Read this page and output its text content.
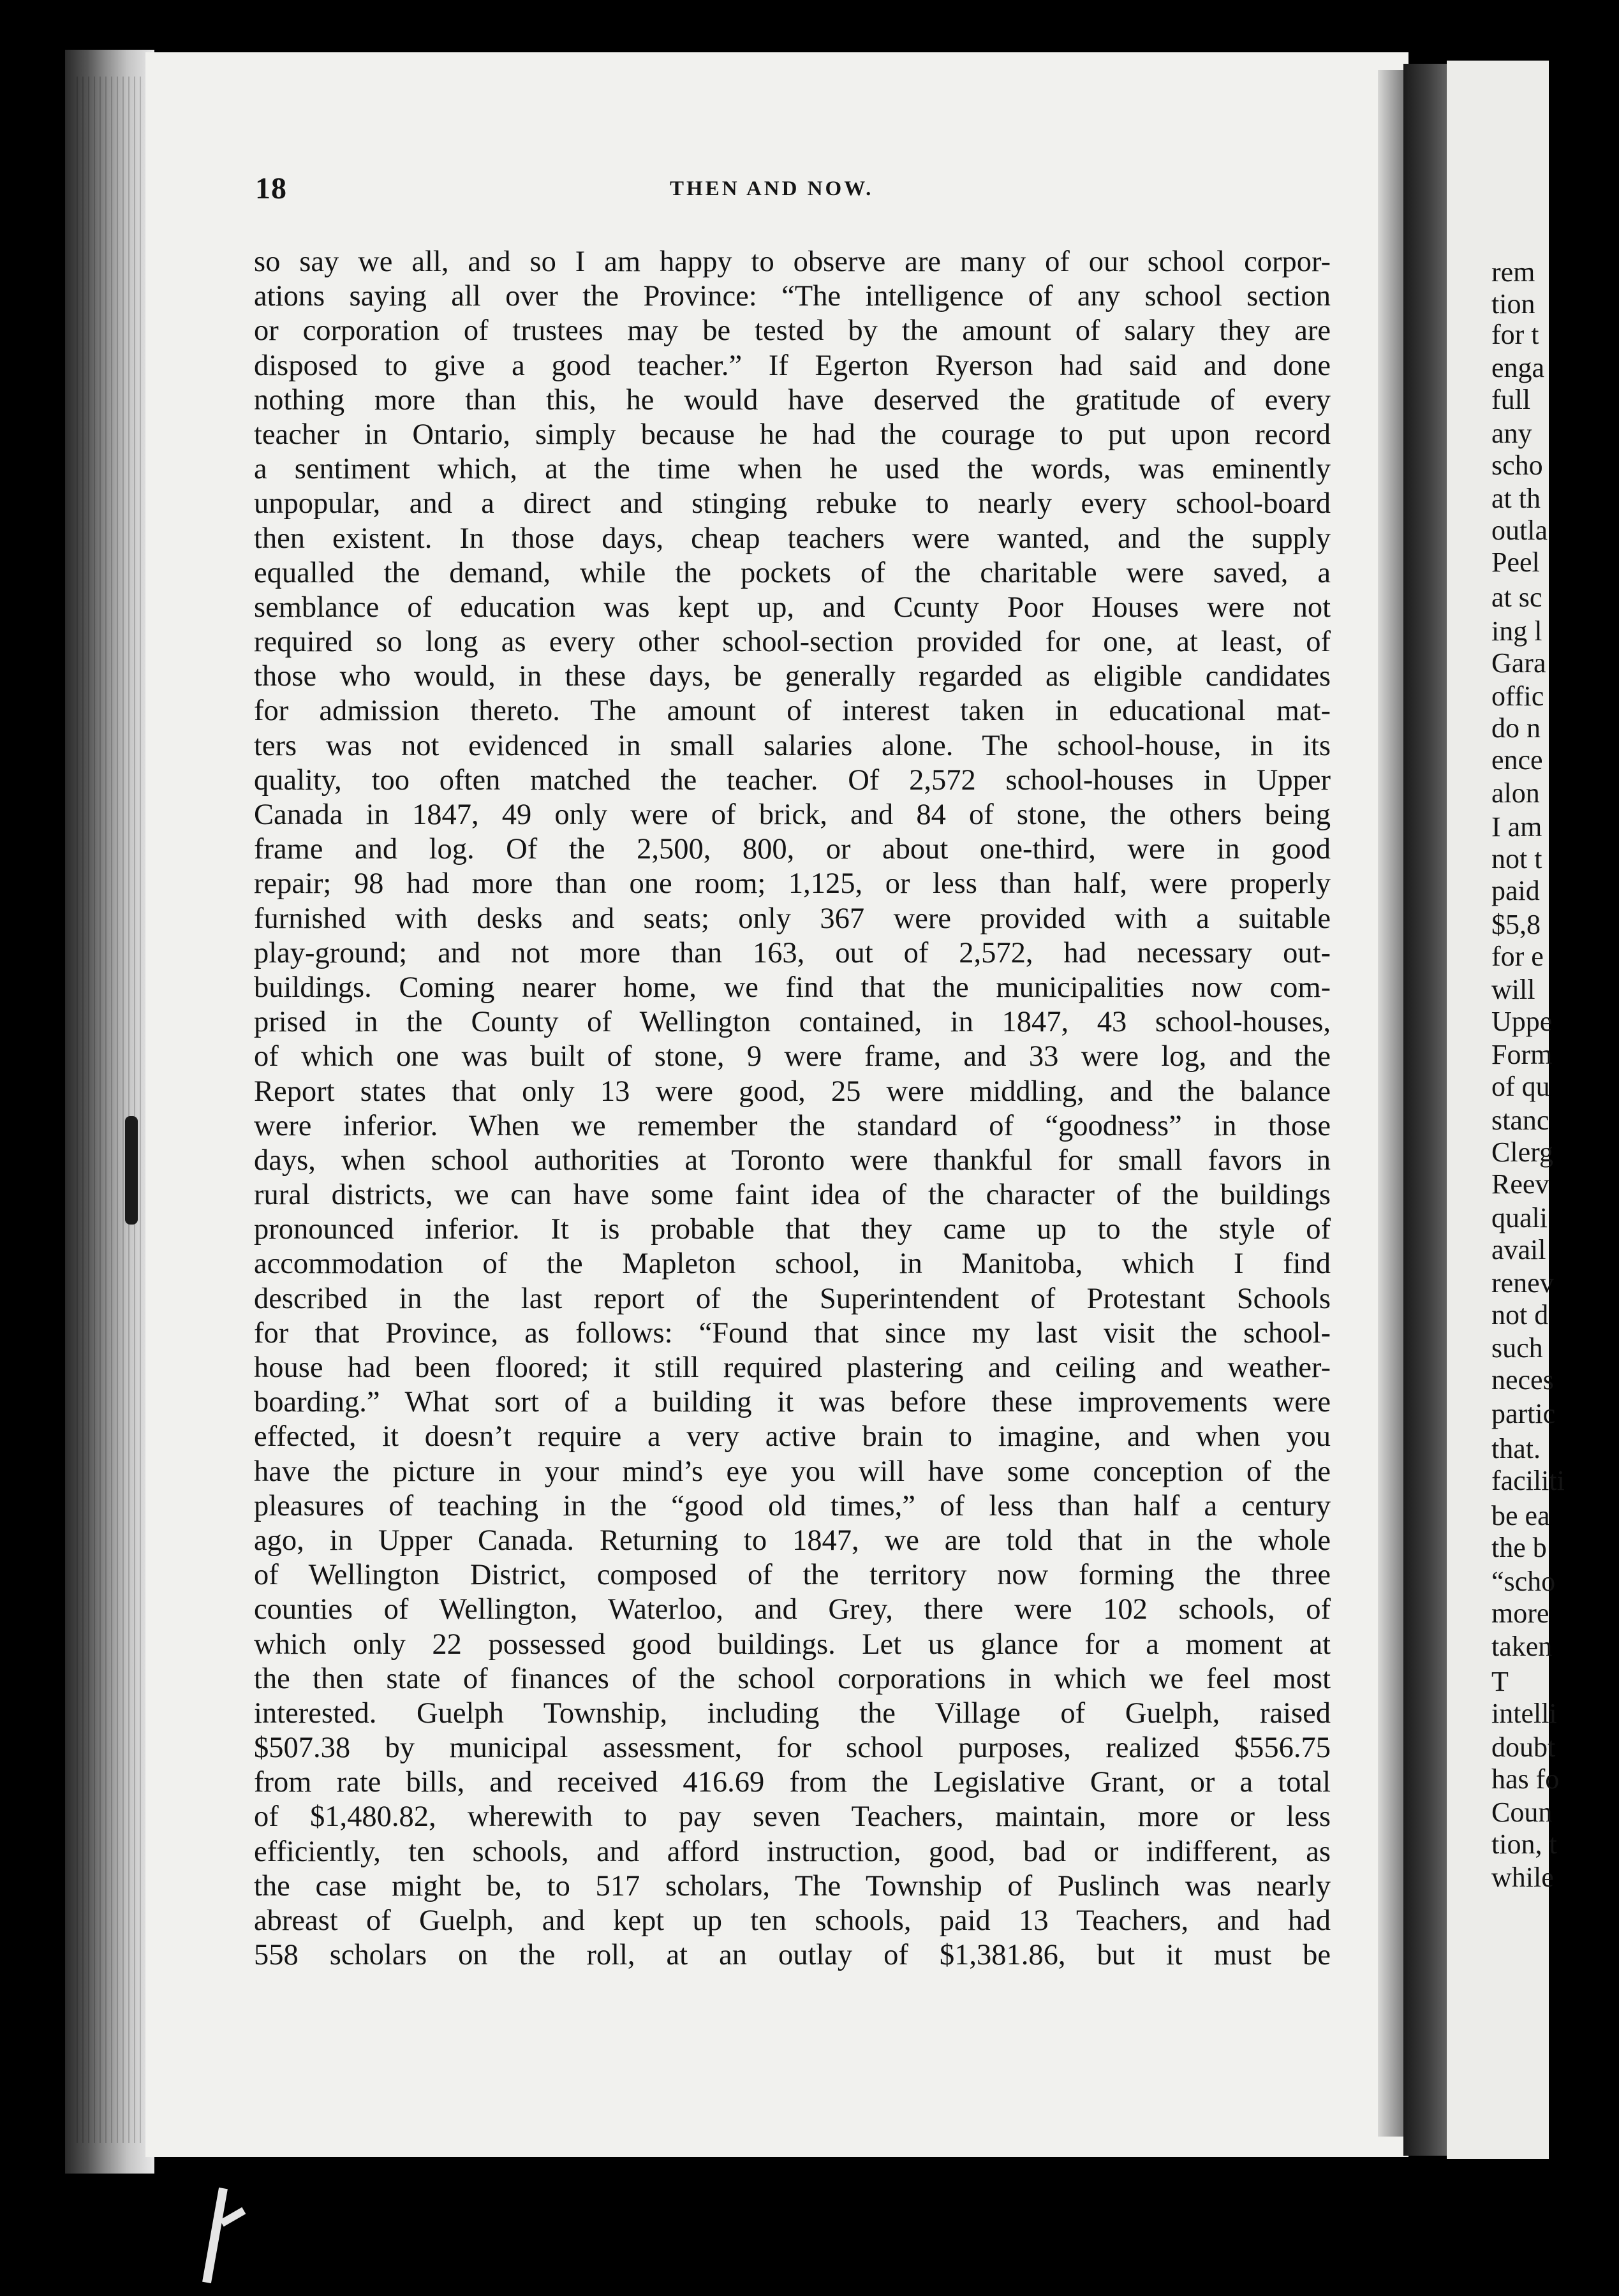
rem
tion
for t
enga
full
any
scho
at th
outla
Peel
at sc
ing l
Gara
offic
do n
ence
alon
I am
not t
paid
$5,8
for e
will
Uppe
Form
of qu
stanc
Clerg
Reev
quali
avail
renev
not d
such
neces
partic
that.
faciliti
be ea
the b
“scho
more
taken
T
intelli
doubt
has fo
Coun
tion, t
while
18	THEN AND NOW.
so say we all, and so I am happy to observe are many of our school corpor-
ations saying all over the Province: “The intelligence of any school section
or corporation of trustees may be tested by the amount of salary they are
disposed to give a good teacher.” If Egerton Ryerson had said and done
nothing more than this, he would have deserved the gratitude of every
teacher in Ontario, simply because he had the courage to put upon record
a sentiment which, at the time when he used the words, was eminently
unpopular, and a direct and stinging rebuke to nearly every school-board
then existent. In those days, cheap teachers were wanted, and the supply
equalled the demand, while the pockets of the charitable were saved, a
semblance of education was kept up, and Ccunty Poor Houses were not
required so long as every other school-section provided for one, at least, of
those who would, in these days, be generally regarded as eligible candidates
for admission thereto. The amount of interest taken in educational mat-
ters was not evidenced in small salaries alone. The school-house, in its
quality, too often matched the teacher. Of 2,572 school-houses in Upper
Canada in 1847, 49 only were of brick, and 84 of stone, the others being
frame and log. Of the 2,500, 800, or about one-third, were in good
repair; 98 had more than one room; 1,125, or less than half, were properly
furnished with desks and seats; only 367 were provided with a suitable
play-ground; and not more than 163, out of 2,572, had necessary out-
buildings. Coming nearer home, we find that the municipalities now com-
prised in the County of Wellington contained, in 1847, 43 school-houses,
of which one was built of stone, 9 were frame, and 33 were log, and the
Report states that only 13 were good, 25 were middling, and the balance
were inferior. When we remember the standard of “goodness” in those
days, when school authorities at Toronto were thankful for small favors in
rural districts, we can have some faint idea of the character of the buildings
pronounced inferior. It is probable that they came up to the style of
accommodation of the Mapleton school, in Manitoba, which I find
described in the last report of the Superintendent of Protestant Schools
for that Province, as follows: “Found that since my last visit the school-
house had been floored; it still required plastering and ceiling and weather-
boarding.” What sort of a building it was before these improvements were
effected, it doesn’t require a very active brain to imagine, and when you
have the picture in your mind’s eye you will have some conception of the
pleasures of teaching in the “good old times,” of less than half a century
ago, in Upper Canada. Returning to 1847, we are told that in the whole
of Wellington District, composed of the territory now forming the three
counties of Wellington, Waterloo, and Grey, there were 102 schools, of
which only 22 possessed good buildings. Let us glance for a moment at
the then state of finances of the school corporations in which we feel most
interested. Guelph Township, including the Village of Guelph, raised
$507.38 by municipal assessment, for school purposes, realized $556.75
from rate bills, and received 416.69 from the Legislative Grant, or a total
of $1,480.82, wherewith to pay seven Teachers, maintain, more or less
efficiently, ten schools, and afford instruction, good, bad or indifferent, as
the case might be, to 517 scholars, The Township of Puslinch was nearly
abreast of Guelph, and kept up ten schools, paid 13 Teachers, and had
558 scholars on the roll, at an outlay of $1,381.86, but it must be
